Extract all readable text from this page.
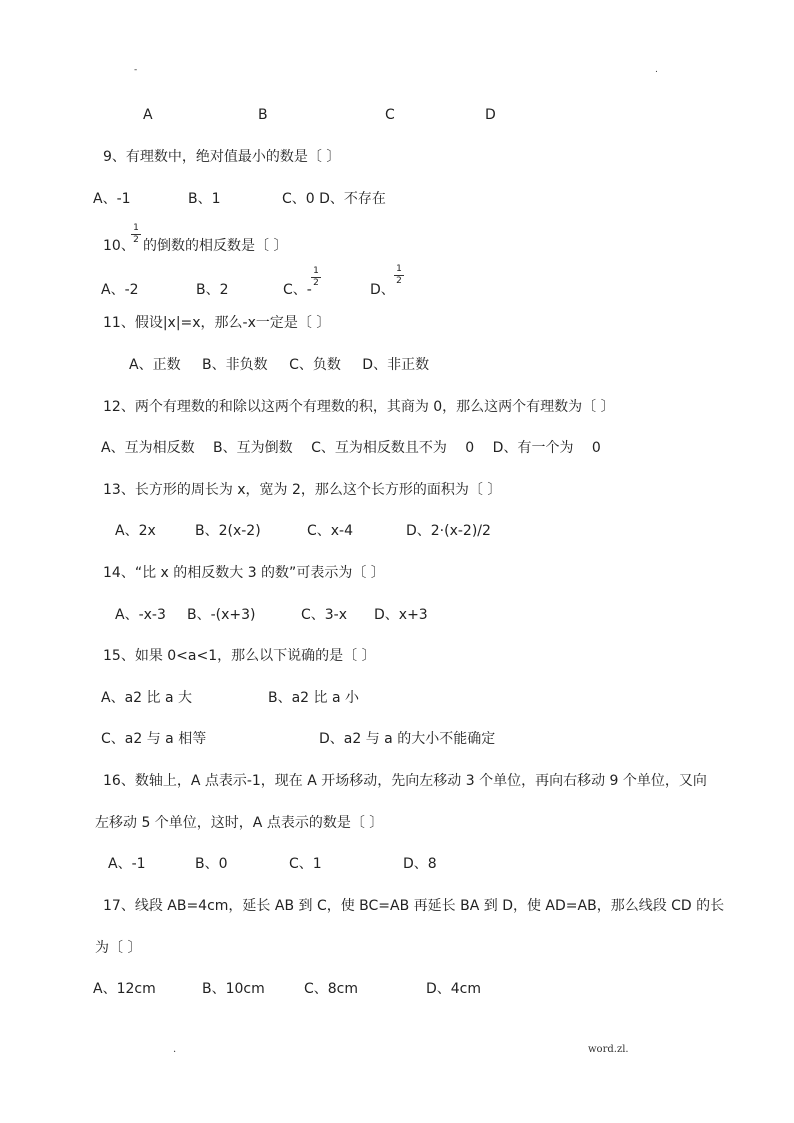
-	.
A	B	C	D
9、有理数中，绝对值最小的数是〔 〕
A、-1	B、1	C、0 D、不存在
10、
1
2 的倒数的相反数是〔 〕
A、-2	B、2	C、-
1
2	D、
1
2
11、假设|x|=x，那么-x一定是〔 〕
A、正数 B、非负数 C、负数 D、非正数
12、两个有理数的和除以这两个有理数的积，其商为 0，那么这两个有理数为〔 〕
A、互为相反数 B、互为倒数 C、互为相反数且不为 0 D、有一个为 0
13、长方形的周长为 x，宽为 2，那么这个长方形的面积为〔 〕
A、2x	B、2(x-2)	C、x-4	D、2·(x-2)/2
14、“比 x 的相反数大 3 的数”可表示为〔 〕
A、-x-3 B、-(x+3)	C、3-x D、x+3
15、如果 0<a<1，那么以下说确的是〔 〕
A、a2 比 a 大	B、a2 比 a 小
C、a2 与 a 相等	D、a2 与 a 的大小不能确定
16、数轴上，A 点表示-1，现在 A 开场移动，先向左移动 3 个单位，再向右移动 9 个单位，又向
左移动 5 个单位，这时，A 点表示的数是〔 〕
A、-1	B、0	C、1	D、8
17、线段 AB=4cm，延长 AB 到 C，使 BC=AB 再延长 BA 到 D，使 AD=AB，那么线段 CD 的长
为〔 〕
A、12cm	B、10cm	C、8cm	D、4cm
.	word.zl.
